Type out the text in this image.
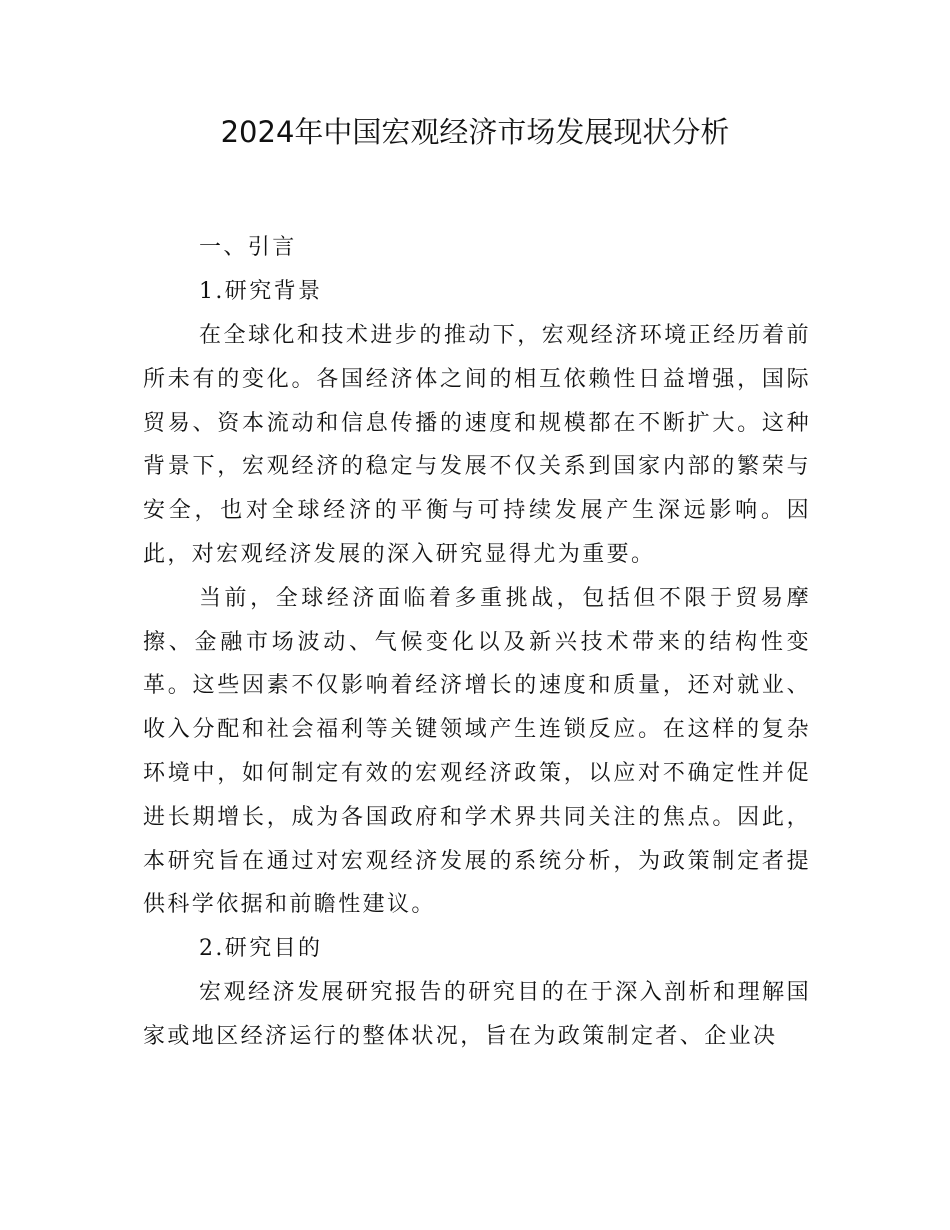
2024年中国宏观经济市场发展现状分析
一、引言
1.研究背景

在全球化和技术进步的推动下，宏观经济环境正经历着前所未有的变化。各国经济体之间的相互依赖性日益增强，国际贸易、资本流动和信息传播的速度和规模都在不断扩大。这种背景下，宏观经济的稳定与发展不仅关系到国家内部的繁荣与安全，也对全球经济的平衡与可持续发展产生深远影响。因此，对宏观经济发展的深入研究显得尤为重要。

当前，全球经济面临着多重挑战，包括但不限于贸易摩擦、金融市场波动、气候变化以及新兴技术带来的结构性变革。这些因素不仅影响着经济增长的速度和质量，还对就业、收入分配和社会福利等关键领域产生连锁反应。在这样的复杂环境中，如何制定有效的宏观经济政策，以应对不确定性并促进长期增长，成为各国政府和学术界共同关注的焦点。因此，本研究旨在通过对宏观经济发展的系统分析，为政策制定者提供科学依据和前瞻性建议。

2.研究目的

宏观经济发展研究报告的研究目的在于深入剖析和理解国家或地区经济运行的整体状况，旨在为政策制定者、企业决
